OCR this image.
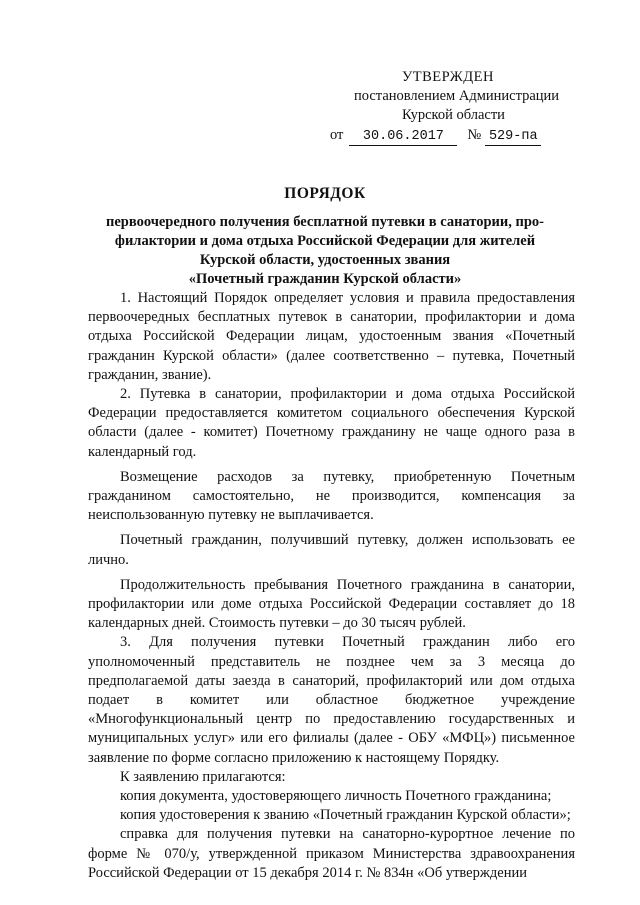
УТВЕРЖДЕН
постановлением Администрации
Курской области
от 30.06.2017 № 529-па
ПОРЯДОК
первоочередного получения бесплатной путевки в санатории, про-
филактории и дома отдыха Российской Федерации для жителей
Курской области, удостоенных звания
«Почетный гражданин Курской области»

1. Настоящий Порядок определяет условия и правила предоставления первоочередных бесплатных путевок в санатории, профилактории и дома отдыха Российской Федерации лицам, удостоенным звания «Почетный гражданин Курской области» (далее соответственно – путевка, Почетный гражданин, звание).

2. Путевка в санатории, профилактории и дома отдыха Российской Федерации предоставляется комитетом социального обеспечения Курской области (далее - комитет) Почетному гражданину не чаще одного раза в календарный год.

Возмещение расходов за путевку, приобретенную Почетным гражданином самостоятельно, не производится, компенсация за неиспользованную путевку не выплачивается.

Почетный гражданин, получивший путевку, должен использовать ее лично.

Продолжительность пребывания Почетного гражданина в санатории, профилактории или доме отдыха Российской Федерации составляет до 18 календарных дней. Стоимость путевки – до 30 тысяч рублей.

3. Для получения путевки Почетный гражданин либо его уполномоченный представитель не позднее чем за 3 месяца до предполагаемой даты заезда в санаторий, профилакторий или дом отдыха подает в комитет или областное бюджетное учреждение «Многофункциональный центр по предоставлению государственных и муниципальных услуг» или его филиалы (далее - ОБУ «МФЦ») письменное заявление по форме согласно приложению к настоящему Порядку.

К заявлению прилагаются:

копия документа, удостоверяющего личность Почетного гражданина;

копия удостоверения к званию «Почетный гражданин Курской области»;

справка для получения путевки на санаторно-курортное лечение по форме № 070/у, утвержденной приказом Министерства здравоохранения Российской Федерации от 15 декабря 2014 г. № 834н «Об утверждении
